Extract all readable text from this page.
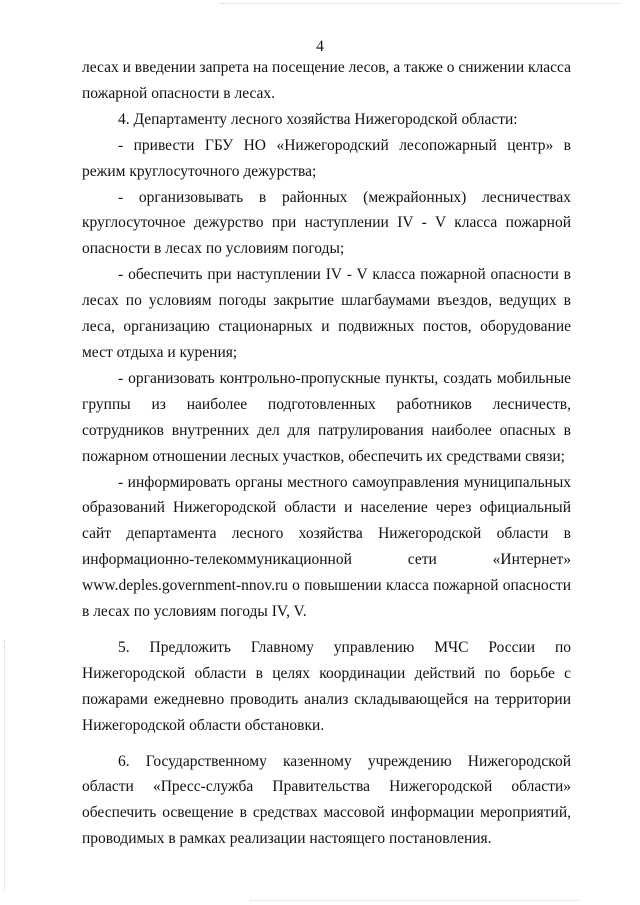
4

лесах и введении запрета на посещение лесов, а также о снижении класса пожарной опасности в лесах.

4. Департаменту лесного хозяйства Нижегородской области:

- привести ГБУ НО «Нижегородский лесопожарный центр» в режим круглосуточного дежурства;

- организовывать в районных (межрайонных) лесничествах круглосуточное дежурство при наступлении IV - V класса пожарной опасности в лесах по условиям погоды;

- обеспечить при наступлении IV - V класса пожарной опасности в лесах по условиям погоды закрытие шлагбаумами въездов, ведущих в леса, организацию стационарных и подвижных постов, оборудование мест отдыха и курения;

- организовать контрольно-пропускные пункты, создать мобильные группы из наиболее подготовленных работников лесничеств, сотрудников внутренних дел для патрулирования наиболее опасных в пожарном отношении лесных участков, обеспечить их средствами связи;

- информировать органы местного самоуправления муниципальных образований Нижегородской области и население через официальный сайт департамента лесного хозяйства Нижегородской области в информационно-телекоммуникационной сети «Интернет» www.deples.government-nnov.ru о повышении класса пожарной опасности в лесах по условиям погоды IV, V.

5. Предложить Главному управлению МЧС России по Нижегородской области в целях координации действий по борьбе с пожарами ежедневно проводить анализ складывающейся на территории Нижегородской области обстановки.

6. Государственному казенному учреждению Нижегородской области «Пресс-служба Правительства Нижегородской области» обеспечить освещение в средствах массовой информации мероприятий, проводимых в рамках реализации настоящего постановления.
